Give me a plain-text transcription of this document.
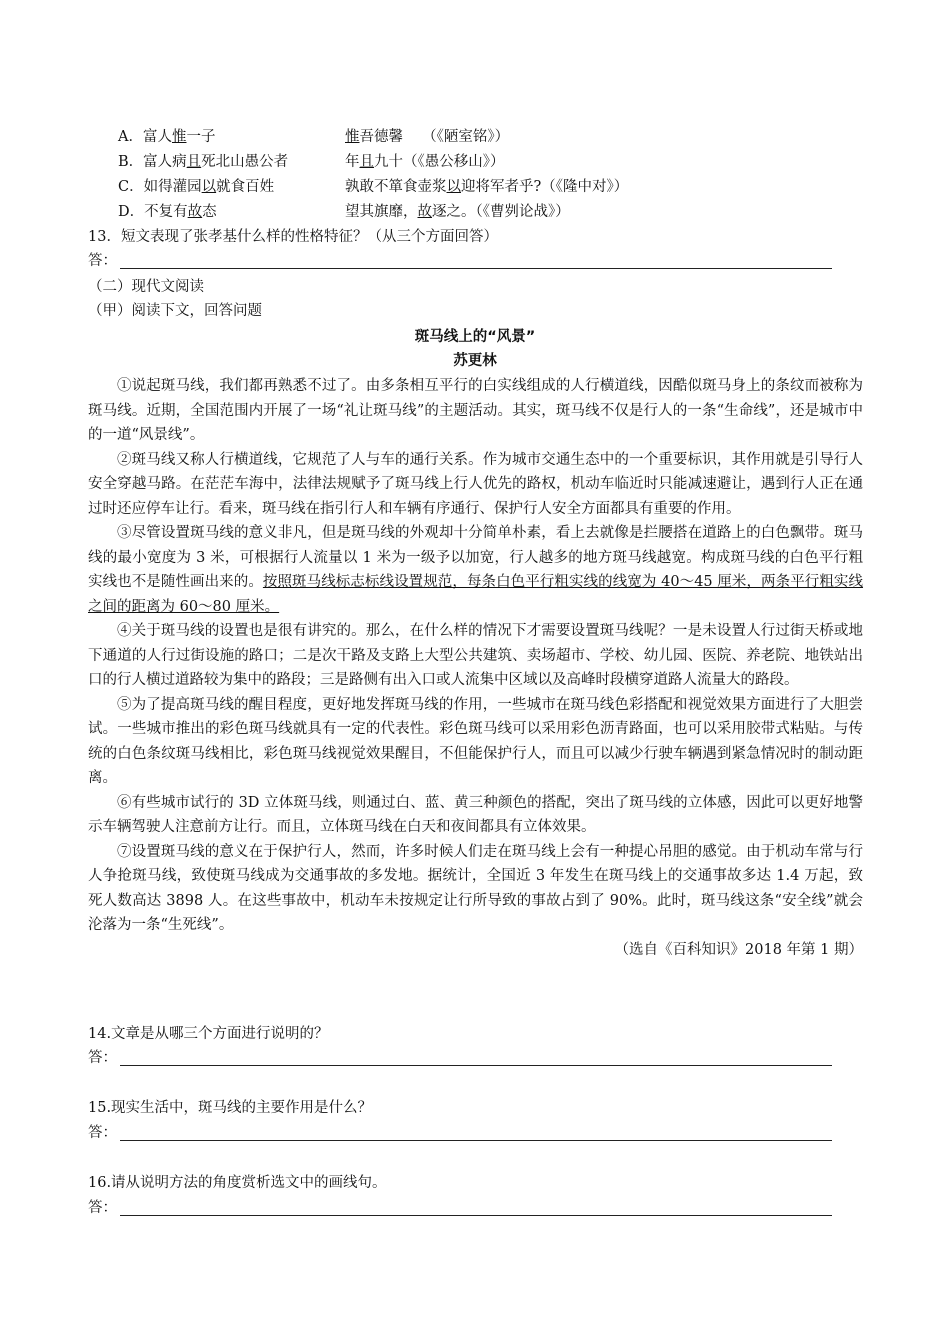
A．富人惟一子	惟吾德馨　 （《陋室铭》）
B．富人病且死北山愚公者	年且九十（《愚公移山》）
C．如得灌园以就食百姓	孰敢不箪食壶浆以迎将军者乎?（《隆中对》）
D．不复有故态	望其旗靡，故逐之。（《曹刿论战》）
13．短文表现了张孝基什么样的性格特征？（从三个方面回答）
答：
（二）现代文阅读
（甲）阅读下文，回答问题
斑马线上的“风景”
苏更林

①说起斑马线，我们都再熟悉不过了。由多条相互平行的白实线组成的人行横道线，因酷似斑马身上的条纹而被称为斑马线。近期，全国范围内开展了一场“礼让斑马线”的主题活动。其实，斑马线不仅是行人的一条“生命线”，还是城市中的一道“风景线”。

②斑马线又称人行横道线，它规范了人与车的通行关系。作为城市交通生态中的一个重要标识，其作用就是引导行人安全穿越马路。在茫茫车海中，法律法规赋予了斑马线上行人优先的路权，机动车临近时只能减速避让，遇到行人正在通过时还应停车让行。看来，斑马线在指引行人和车辆有序通行、保护行人安全方面都具有重要的作用。

③尽管设置斑马线的意义非凡，但是斑马线的外观却十分简单朴素，看上去就像是拦腰搭在道路上的白色飘带。斑马线的最小宽度为 3 米，可根据行人流量以 1 米为一级予以加宽，行人越多的地方斑马线越宽。构成斑马线的白色平行粗实线也不是随性画出来的。按照斑马线标志标线设置规范，每条白色平行粗实线的线宽为 40～45 厘米，两条平行粗实线之间的距离为 60～80 厘米。

④关于斑马线的设置也是很有讲究的。那么，在什么样的情况下才需要设置斑马线呢？一是未设置人行过街天桥或地下通道的人行过街设施的路口；二是次干路及支路上大型公共建筑、卖场超市、学校、幼儿园、医院、养老院、地铁站出口的行人横过道路较为集中的路段；三是路侧有出入口或人流集中区域以及高峰时段横穿道路人流量大的路段。

⑤为了提高斑马线的醒目程度，更好地发挥斑马线的作用，一些城市在斑马线色彩搭配和视觉效果方面进行了大胆尝试。一些城市推出的彩色斑马线就具有一定的代表性。彩色斑马线可以采用彩色沥青路面，也可以采用胶带式粘贴。与传统的白色条纹斑马线相比，彩色斑马线视觉效果醒目，不但能保护行人，而且可以减少行驶车辆遇到紧急情况时的制动距离。

⑥有些城市试行的 3D 立体斑马线，则通过白、蓝、黄三种颜色的搭配，突出了斑马线的立体感，因此可以更好地警示车辆驾驶人注意前方让行。而且，立体斑马线在白天和夜间都具有立体效果。

⑦设置斑马线的意义在于保护行人，然而，许多时候人们走在斑马线上会有一种提心吊胆的感觉。由于机动车常与行人争抢斑马线，致使斑马线成为交通事故的多发地。据统计，全国近 3 年发生在斑马线上的交通事故多达 1.4 万起，致死人数高达 3898 人。在这些事故中，机动车未按规定让行所导致的事故占到了 90%。此时，斑马线这条“安全线”就会沦落为一条“生死线”。

（选自《百科知识》2018 年第 1 期）
14.文章是从哪三个方面进行说明的？
答：
15.现实生活中，斑马线的主要作用是什么？
答：
16.请从说明方法的角度赏析选文中的画线句。
答：
